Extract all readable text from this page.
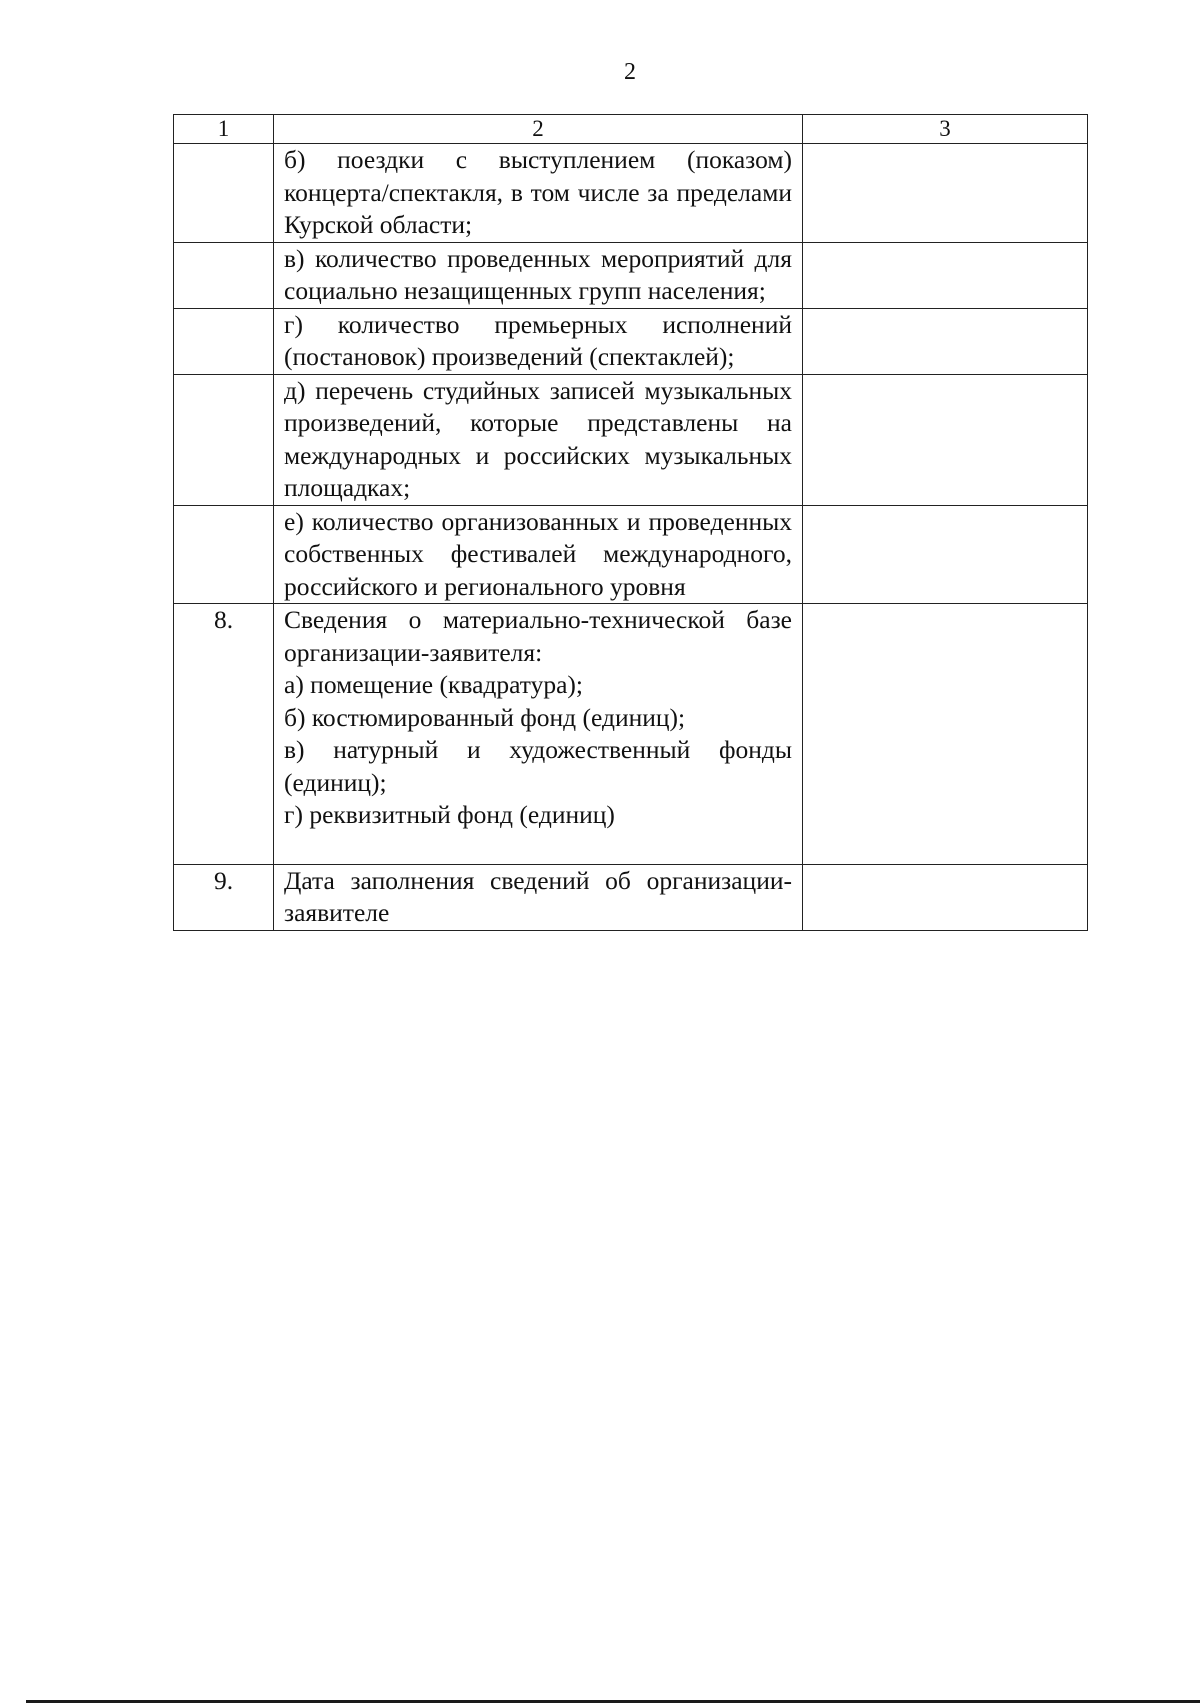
2
1	2	3

	б) поездки с выступлением (показом) концерта/спектакля, в том числе за пределами Курской области;	

	в) количество проведенных мероприятий для социально незащищенных групп населения;	

	г) количество премьерных исполнений (постановок) произведений (спектаклей);	

	д) перечень студийных записей музыкальных произведений, которые представлены на международных и российских музыкальных площадках;	

	е) количество организованных и проведенных собственных фестивалей международного, российского и регионального уровня	

8.	Сведения о материально-технической базе организации-заявителя:
а) помещение (квадратура);
б) костюмированный фонд (единиц);
в) натурный и художественный фонды (единиц);
г) реквизитный фонд (единиц)	

9.	Дата заполнения сведений об организации-заявителе	
